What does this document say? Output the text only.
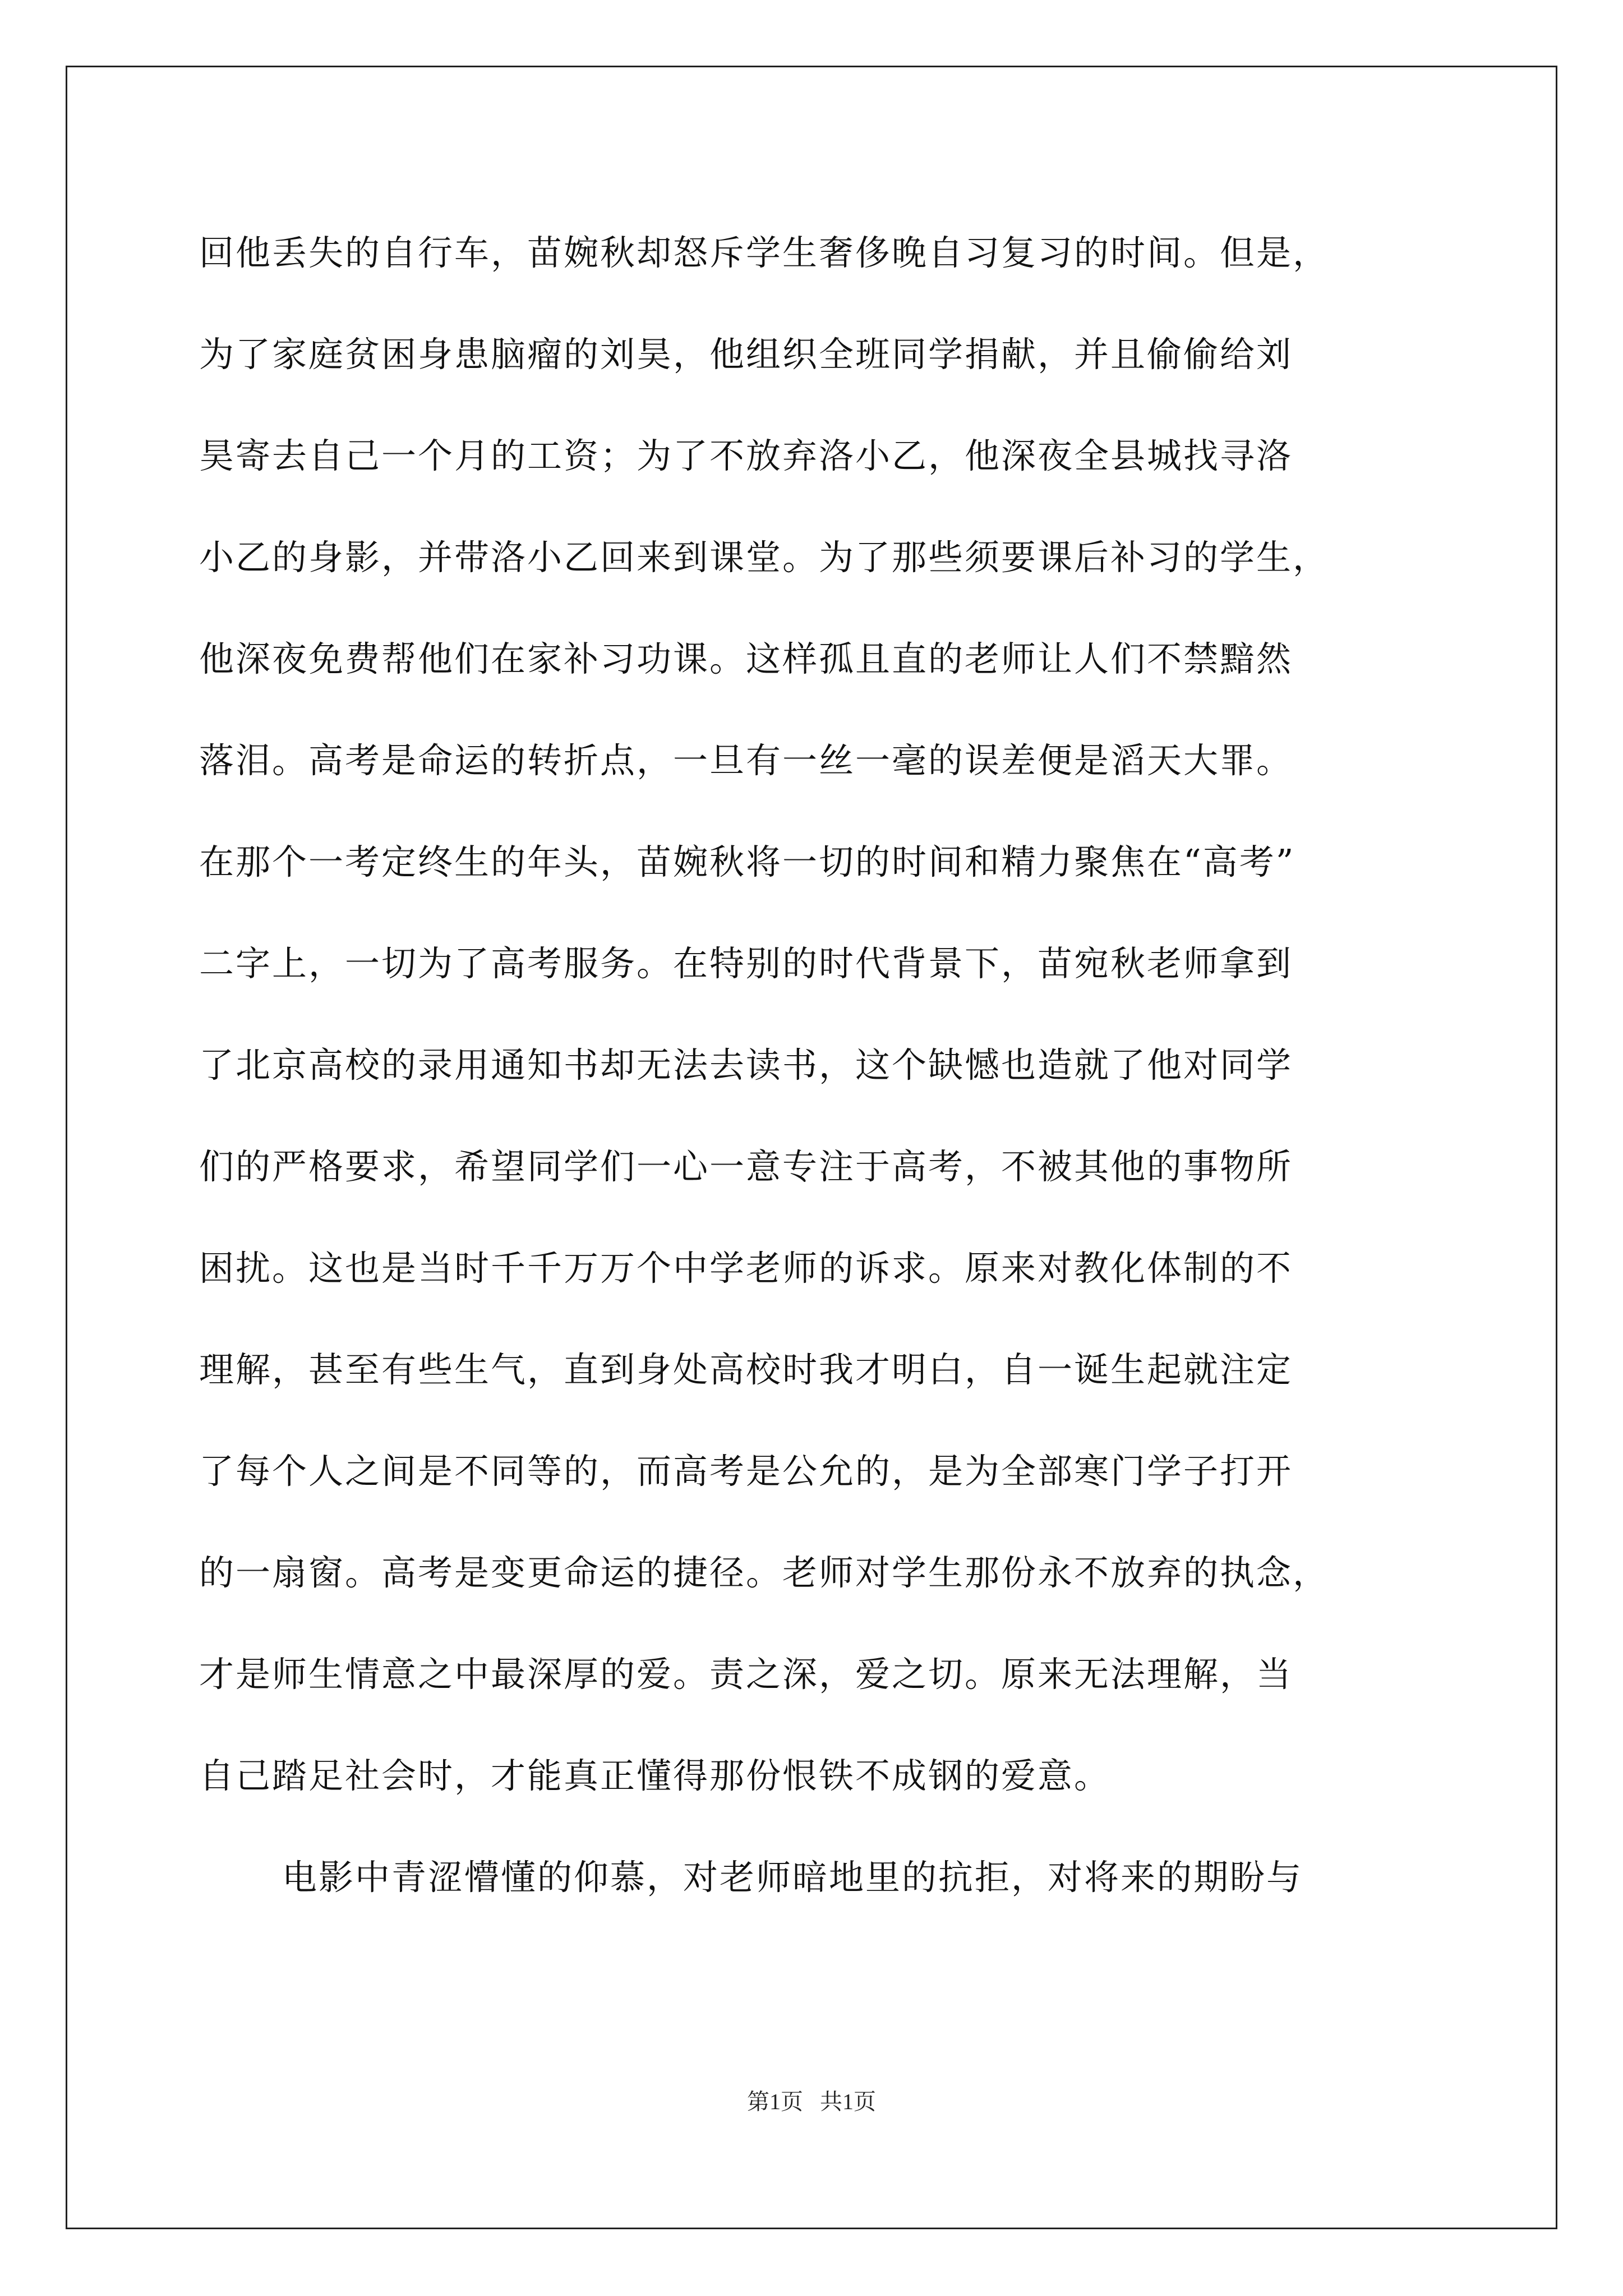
回他丢失的自行车，苗婉秋却怒斥学生奢侈晚自习复习的时间。但是，
为了家庭贫困身患脑瘤的刘昊，他组织全班同学捐献，并且偷偷给刘
昊寄去自己一个月的工资；为了不放弃洛小乙，他深夜全县城找寻洛
小乙的身影，并带洛小乙回来到课堂。为了那些须要课后补习的学生，
他深夜免费帮他们在家补习功课。这样孤且直的老师让人们不禁黯然
落泪。高考是命运的转折点，一旦有一丝一毫的误差便是滔天大罪。
在那个一考定终生的年头，苗婉秋将一切的时间和精力聚焦在“高考”
二字上，一切为了高考服务。在特别的时代背景下，苗宛秋老师拿到
了北京高校的录用通知书却无法去读书，这个缺憾也造就了他对同学
们的严格要求，希望同学们一心一意专注于高考，不被其他的事物所
困扰。这也是当时千千万万个中学老师的诉求。原来对教化体制的不
理解，甚至有些生气，直到身处高校时我才明白，自一诞生起就注定
了每个人之间是不同等的，而高考是公允的，是为全部寒门学子打开
的一扇窗。高考是变更命运的捷径。老师对学生那份永不放弃的执念，
才是师生情意之中最深厚的爱。责之深，爱之切。原来无法理解，当
自己踏足社会时，才能真正懂得那份恨铁不成钢的爱意。
电影中青涩懵懂的仰慕，对老师暗地里的抗拒，对将来的期盼与
第1页   共1页
